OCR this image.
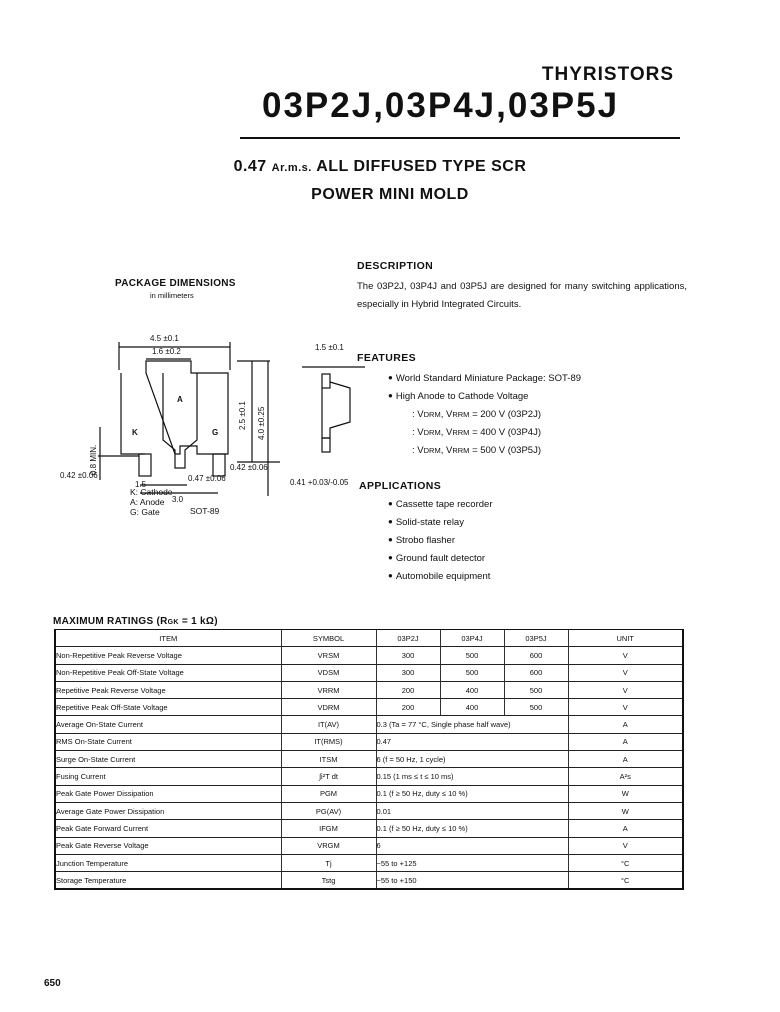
THYRISTORS
03P2J,03P4J,03P5J
0.47 Ar.m.s. ALL DIFFUSED TYPE SCR
POWER MINI MOLD
PACKAGE DIMENSIONS
in millimeters
4.5 ±0.1
1.6 ±0.2	1.5 ±0.1
K
A
G
0.42 ±0.06
0.42 ±0.06
0.47 ±0.06
1.5
3.0
0.41 +0.03/-0.05
2.5 ±0.1 4.0 ±0.25
0.8 MIN.
K: Cathode
A: Anode
G: Gate	SOT-89
DESCRIPTION
The 03P2J, 03P4J and 03P5J are designed for many switching applications, especially in Hybrid Integrated Circuits.
FEATURES
● World Standard Miniature Package: SOT-89
● High Anode to Cathode Voltage
: VDRM, VRRM = 200 V (03P2J)
: VDRM, VRRM = 400 V (03P4J)
: VDRM, VRRM = 500 V (03P5J)
APPLICATIONS
● Cassette tape recorder
● Solid-state relay
● Strobo flasher
● Ground fault detector
● Automobile equipment
MAXIMUM RATINGS (RGK = 1 kΩ)
ITEM	SYMBOL	03P2J	03P4J	03P5J	UNIT
Non-Repetitive Peak Reverse Voltage	VRSM	300	500	600	V
Non-Repetitive Peak Off-State Voltage	VDSM	300	500	600	V
Repetitive Peak Reverse Voltage	VRRM	200	400	500	V
Repetitive Peak Off-State Voltage	VDRM	200	400	500	V
Average On-State Current	IT(AV)	0.3 (Ta = 77 °C, Single phase half wave)			A
RMS On-State Current	IT(RMS)	0.47			A
Surge On-State Current	ITSM	6 (f = 50 Hz, 1 cycle)			A
Fusing Current	∫i²T dt	0.15 (1 ms ≤ t ≤ 10 ms)			A²s
Peak Gate Power Dissipation	PGM	0.1 (f ≥ 50 Hz, duty ≤ 10 %)			W
Average Gate Power Dissipation	PG(AV)	0.01			W
Peak Gate Forward Current	IFGM	0.1 (f ≥ 50 Hz, duty ≤ 10 %)			A
Peak Gate Reverse Voltage	VRGM	6			V
Junction Temperature	Tj	−55 to +125			°C
Storage Temperature	Tstg	−55 to +150			°C
650
